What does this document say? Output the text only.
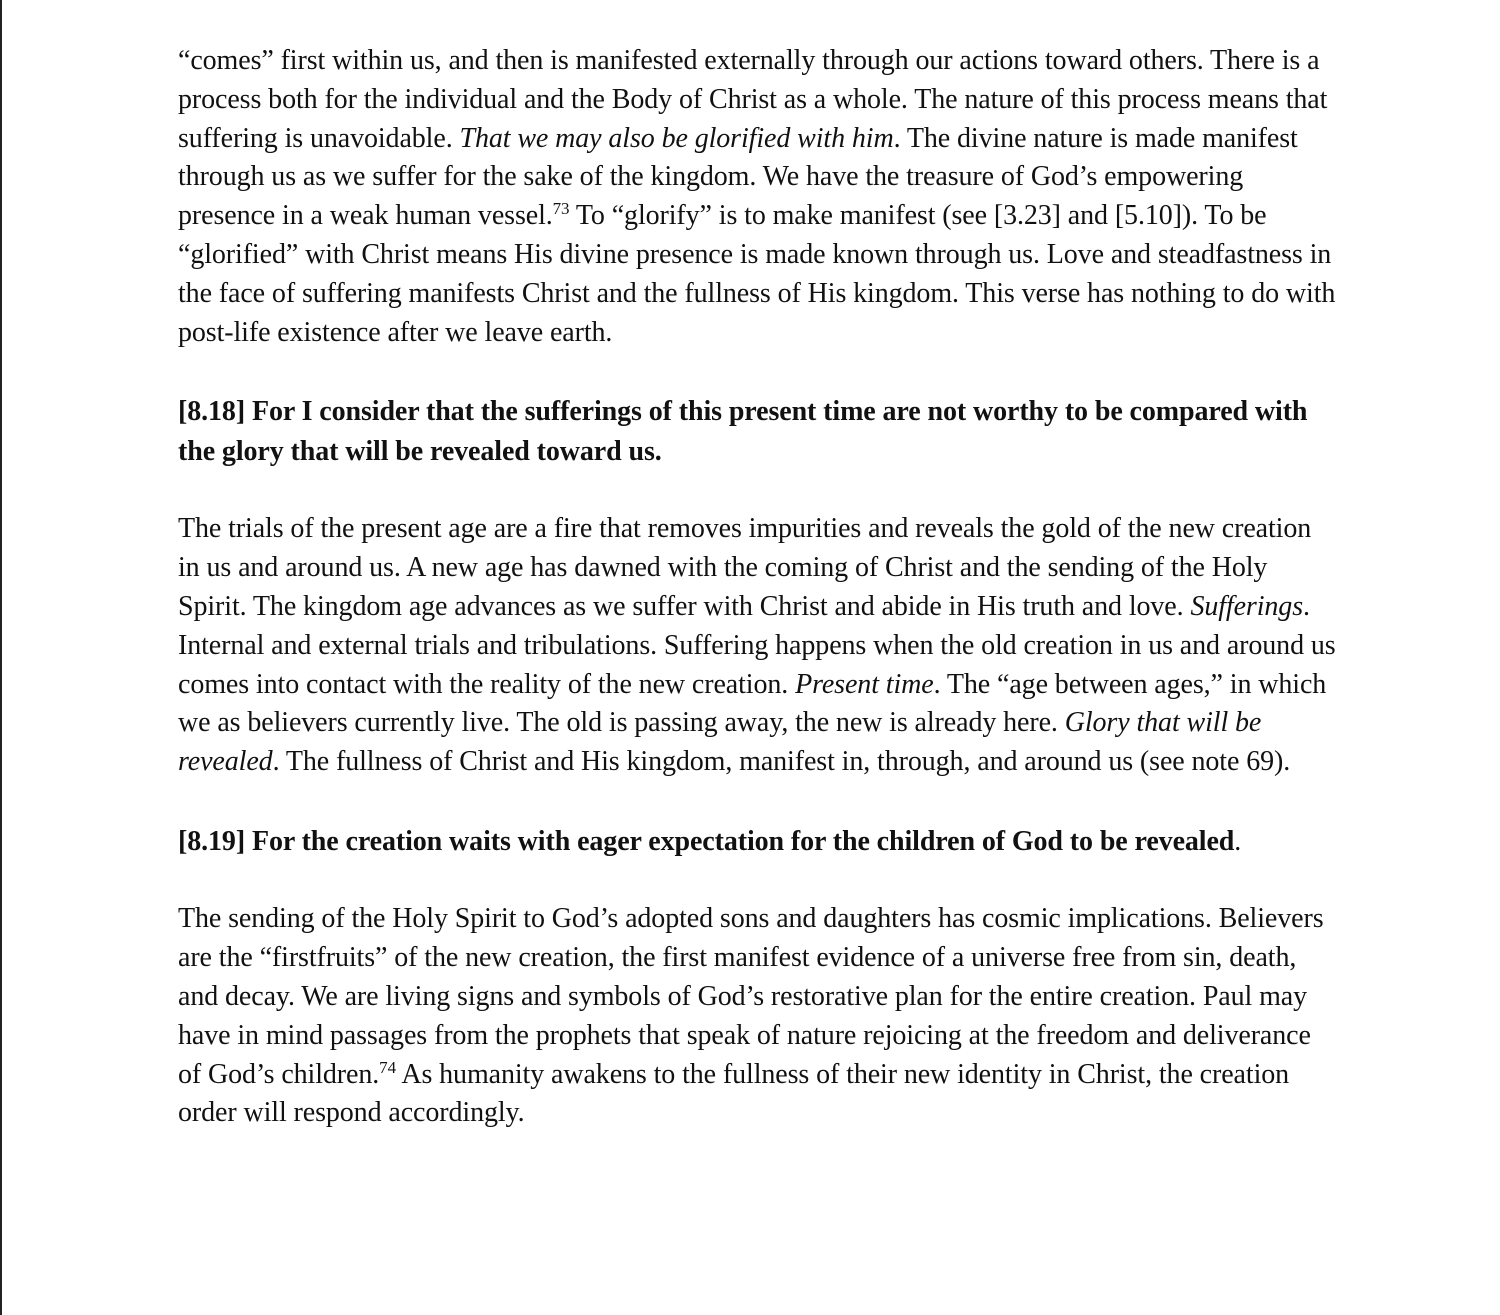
“comes” first within us, and then is manifested externally through our actions toward others. There is a process both for the individual and the Body of Christ as a whole. The nature of this process means that suffering is unavoidable. That we may also be glorified with him. The divine nature is made manifest through us as we suffer for the sake of the kingdom. We have the treasure of God’s empowering presence in a weak human vessel.$^{73}$ To “glorify” is to make manifest (see [3.23] and [5.10]). To be “glorified” with Christ means His divine presence is made known through us. Love and steadfastness in the face of suffering manifests Christ and the fullness of His kingdom. This verse has nothing to do with post-life existence after we leave earth.

[8.18] For I consider that the sufferings of this present time are not worthy to be compared with the glory that will be revealed toward us.

The trials of the present age are a fire that removes impurities and reveals the gold of the new creation in us and around us. A new age has dawned with the coming of Christ and the sending of the Holy Spirit. The kingdom age advances as we suffer with Christ and abide in His truth and love. Sufferings. Internal and external trials and tribulations. Suffering happens when the old creation in us and around us comes into contact with the reality of the new creation. Present time. The “age between ages,” in which we as believers currently live. The old is passing away, the new is already here. Glory that will be revealed. The fullness of Christ and His kingdom, manifest in, through, and around us (see note 69).

[8.19] For the creation waits with eager expectation for the children of God to be revealed.

The sending of the Holy Spirit to God’s adopted sons and daughters has cosmic implications. Believers are the “firstfruits” of the new creation, the first manifest evidence of a universe free from sin, death, and decay. We are living signs and symbols of God’s restorative plan for the entire creation. Paul may have in mind passages from the prophets that speak of nature rejoicing at the freedom and deliverance of God’s children.$^{74}$ As humanity awakens to the fullness of their new identity in Christ, the creation order will respond accordingly.
